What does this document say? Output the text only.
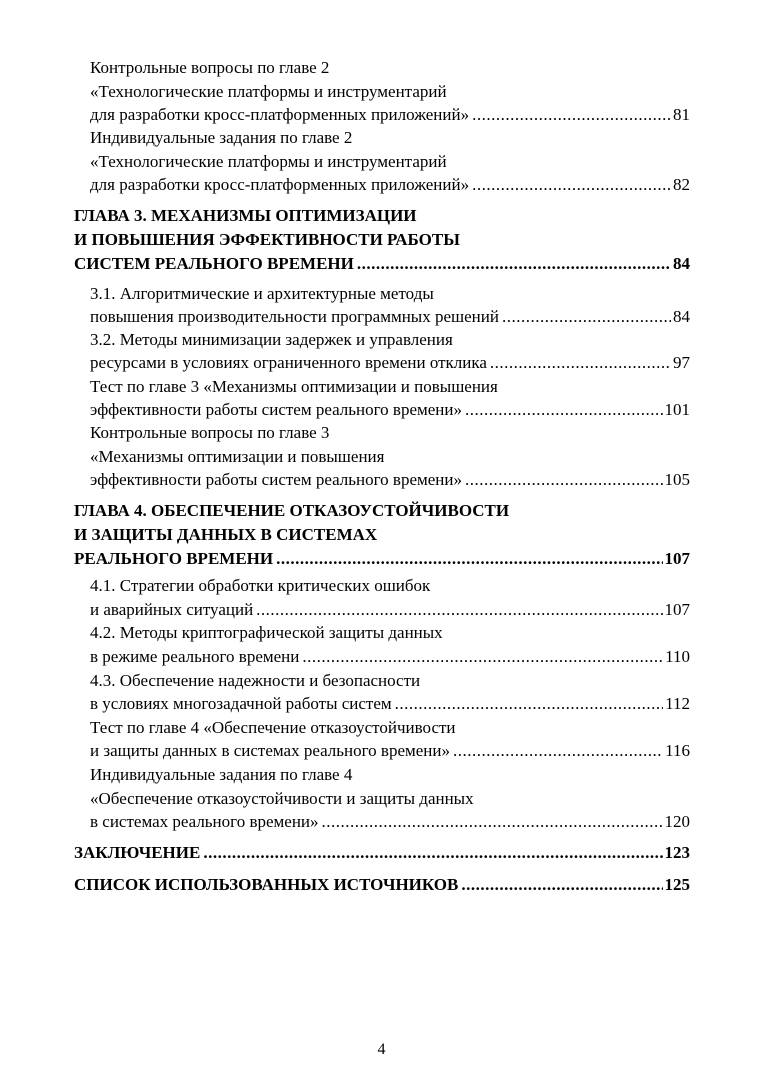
Контрольные вопросы по главе 2
«Технологические платформы и инструментарий
для разработки кросс-платформенных приложений» .....	81
Индивидуальные задания по главе 2
«Технологические платформы и инструментарий
для разработки кросс-платформенных приложений» .....	82
ГЛАВА 3. МЕХАНИЗМЫ ОПТИМИЗАЦИИ
И ПОВЫШЕНИЯ ЭФФЕКТИВНОСТИ РАБОТЫ
СИСТЕМ РЕАЛЬНОГО ВРЕМЕНИ .....	84
3.1. Алгоритмические и архитектурные методы
повышения производительности программных решений .....	84
3.2. Методы минимизации задержек и управления
ресурсами в условиях ограниченного времени отклика .....	97
Тест по главе 3 «Механизмы оптимизации и повышения
эффективности работы систем реального времени» .....	101
Контрольные вопросы по главе 3
«Механизмы оптимизации и повышения
эффективности работы систем реального времени» .....	105
ГЛАВА 4. ОБЕСПЕЧЕНИЕ ОТКАЗОУСТОЙЧИВОСТИ
И ЗАЩИТЫ ДАННЫХ В СИСТЕМАХ
РЕАЛЬНОГО ВРЕМЕНИ .....	107
4.1. Стратегии обработки критических ошибок
и аварийных ситуаций .....	107
4.2. Методы криптографической защиты данных
в режиме реального времени .....	110
4.3. Обеспечение надежности и безопасности
в условиях многозадачной работы систем .....	112
Тест по главе 4 «Обеспечение отказоустойчивости
и защиты данных в системах реального времени» .....	116
Индивидуальные задания по главе 4
«Обеспечение отказоустойчивости и защиты данных
в системах реального времени» .....	120
ЗАКЛЮЧЕНИЕ .....	123
СПИСОК ИСПОЛЬЗОВАННЫХ ИСТОЧНИКОВ .....	125
4
